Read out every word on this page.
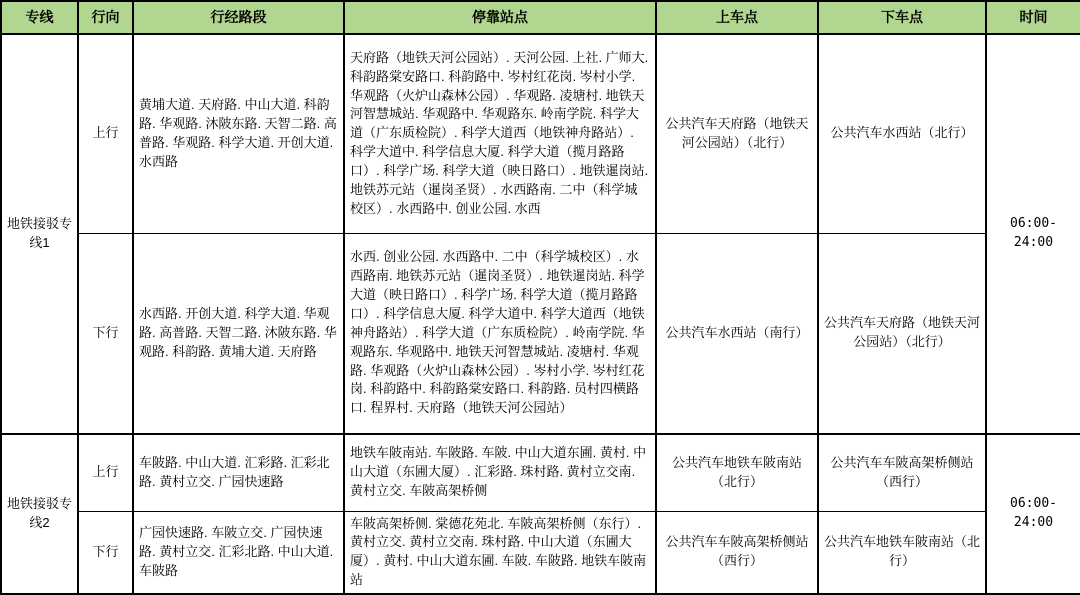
专线	行向	行经路段	停靠站点	上车点	下车点	时间
地铁接驳专线1	上行	黄埔大道. 天府路. 中山大道. 科韵路. 华观路. 沐陂东路. 天智二路. 高普路. 华观路. 科学大道. 开创大道. 水西路	天府路（地铁天河公园站）. 天河公园. 上社. 广师大. 科韵路棠安路口. 科韵路中. 岑村红花岗. 岑村小学. 华观路（火炉山森林公园）. 华观路. 凌塘村. 地铁天河智慧城站. 华观路中. 华观路东. 岭南学院. 科学大道（广东质检院）. 科学大道西（地铁神舟路站）. 科学大道中. 科学信息大厦. 科学大道（揽月路路口）. 科学广场. 科学大道（映日路口）. 地铁暹岗站. 地铁苏元站（暹岗圣贤）. 水西路南. 二中（科学城校区）. 水西路中. 创业公园. 水西	公共汽车天府路（地铁天河公园站）（北行）	公共汽车水西站（北行）	06:00-24:00
	下行	水西路. 开创大道. 科学大道. 华观路. 高普路. 天智二路. 沐陂东路. 华观路. 科韵路. 黄埔大道. 天府路	水西. 创业公园. 水西路中. 二中（科学城校区）. 水西路南. 地铁苏元站（暹岗圣贤）. 地铁暹岗站. 科学大道（映日路口）. 科学广场. 科学大道（揽月路路口）. 科学信息大厦. 科学大道中. 科学大道西（地铁神舟路站）. 科学大道（广东质检院）. 岭南学院. 华观路东. 华观路中. 地铁天河智慧城站. 凌塘村. 华观路. 华观路（火炉山森林公园）. 岑村小学. 岑村红花岗. 科韵路中. 科韵路棠安路口. 科韵路. 员村四横路口. 程界村. 天府路（地铁天河公园站）	公共汽车水西站（南行）	公共汽车天府路（地铁天河公园站）（北行）	
地铁接驳专线2	上行	车陂路. 中山大道. 汇彩路. 汇彩北路. 黄村立交. 广园快速路	地铁车陂南站. 车陂路. 车陂. 中山大道东圃. 黄村. 中山大道（东圃大厦）. 汇彩路. 珠村路. 黄村立交南. 黄村立交. 车陂高架桥侧	公共汽车地铁车陂南站（北行）	公共汽车车陂高架桥侧站（西行）	06:00-24:00
	下行	广园快速路. 车陂立交. 广园快速路. 黄村立交. 汇彩北路. 中山大道. 车陂路	车陂高架桥侧. 棠德花苑北. 车陂高架桥侧（东行）. 黄村立交. 黄村立交南. 珠村路. 中山大道（东圃大厦）. 黄村. 中山大道东圃. 车陂. 车陂路. 地铁车陂南站	公共汽车车陂高架桥侧站（西行）	公共汽车地铁车陂南站（北行）	
